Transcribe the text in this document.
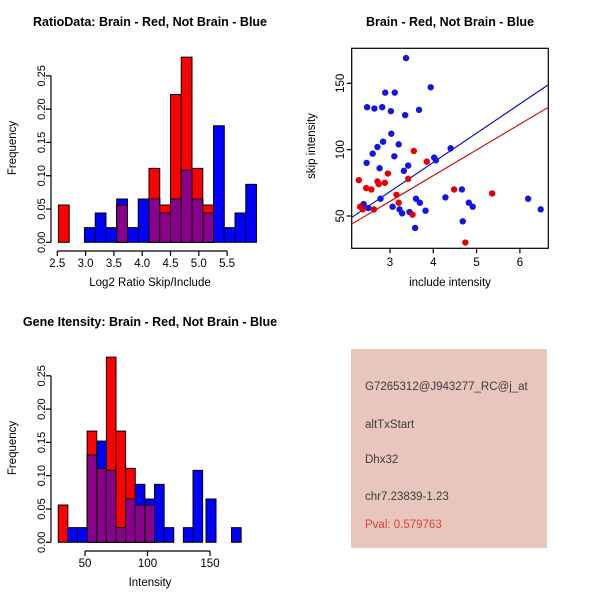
RatioData: Brain - Red, Not Brain - Blue
Frequency
Log2 Ratio Skip/Include
0.00
0.05
0.10
0.15
0.20
0.25
2.5 3.0 3.5 4.0 4.5 5.0 5.5
Brain - Red, Not Brain - Blue
skip intensity
include intensity
3	4	5	6
50
100
150
Gene Itensity: Brain - Red, Not Brain - Blue
Frequency
Intensity
0.00
0.05
0.10
0.15
0.20
0.25
50	100	150
G7265312@J943277_RC@j_at
altTxStart
Dhx32
chr7.23839-1.23
Pval: 0.579763
